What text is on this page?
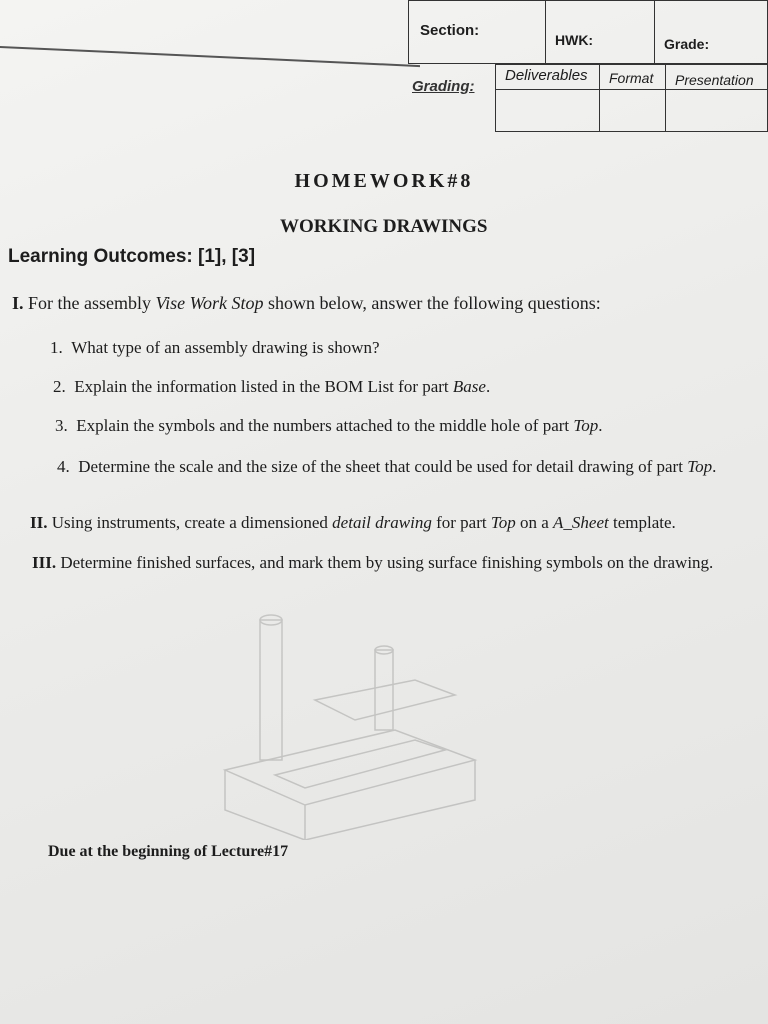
Section:
HWK:	Grade:
Grading:
Deliverables Format Presentation
HOMEWORK#8
WORKING DRAWINGS
Learning Outcomes: [1], [3]
I. For the assembly Vise Work Stop shown below, answer the following questions:
1. What type of an assembly drawing is shown?
2. Explain the information listed in the BOM List for part Base.
3. Explain the symbols and the numbers attached to the middle hole of part Top.
4. Determine the scale and the size of the sheet that could be used for detail drawing of part Top.
II. Using instruments, create a dimensioned detail drawing for part Top on a A_Sheet template.
III. Determine finished surfaces, and mark them by using surface finishing symbols on the drawing.
Due at the beginning of Lecture#17
